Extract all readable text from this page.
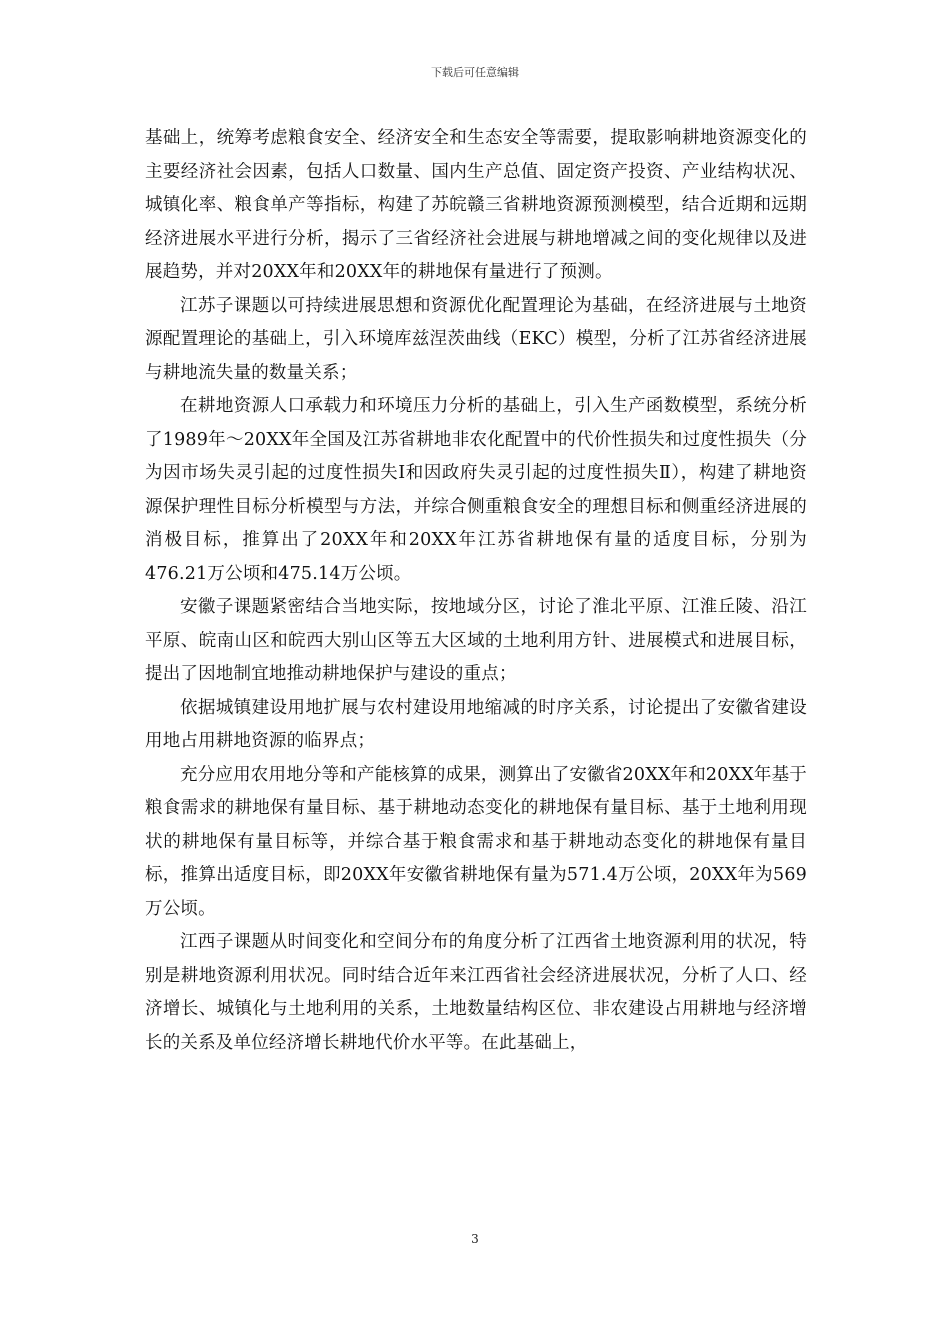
下载后可任意编辑

基础上，统筹考虑粮食安全、经济安全和生态安全等需要，提取影响耕地资源变化的主要经济社会因素，包括人口数量、国内生产总值、固定资产投资、产业结构状况、城镇化率、粮食单产等指标，构建了苏皖赣三省耕地资源预测模型，结合近期和远期经济进展水平进行分析，揭示了三省经济社会进展与耕地增减之间的变化规律以及进展趋势，并对20XX年和20XX年的耕地保有量进行了预测。

江苏子课题以可持续进展思想和资源优化配置理论为基础，在经济进展与土地资源配置理论的基础上，引入环境库兹涅茨曲线（EKC）模型，分析了江苏省经济进展与耕地流失量的数量关系；

在耕地资源人口承载力和环境压力分析的基础上，引入生产函数模型，系统分析了1989年～20XX年全国及江苏省耕地非农化配置中的代价性损失和过度性损失（分为因市场失灵引起的过度性损失Ⅰ和因政府失灵引起的过度性损失Ⅱ），构建了耕地资源保护理性目标分析模型与方法，并综合侧重粮食安全的理想目标和侧重经济进展的消极目标，推算出了20XX年和20XX年江苏省耕地保有量的适度目标，分别为476.21万公顷和475.14万公顷。

安徽子课题紧密结合当地实际，按地域分区，讨论了淮北平原、江淮丘陵、沿江平原、皖南山区和皖西大别山区等五大区域的土地利用方针、进展模式和进展目标，提出了因地制宜地推动耕地保护与建设的重点；

依据城镇建设用地扩展与农村建设用地缩减的时序关系，讨论提出了安徽省建设用地占用耕地资源的临界点；

充分应用农用地分等和产能核算的成果，测算出了安徽省20XX年和20XX年基于粮食需求的耕地保有量目标、基于耕地动态变化的耕地保有量目标、基于土地利用现状的耕地保有量目标等，并综合基于粮食需求和基于耕地动态变化的耕地保有量目标，推算出适度目标，即20XX年安徽省耕地保有量为571.4万公顷，20XX年为569万公顷。

江西子课题从时间变化和空间分布的角度分析了江西省土地资源利用的状况，特别是耕地资源利用状况。同时结合近年来江西省社会经济进展状况，分析了人口、经济增长、城镇化与土地利用的关系，土地数量结构区位、非农建设占用耕地与经济增长的关系及单位经济增长耕地代价水平等。在此基础上，

3
